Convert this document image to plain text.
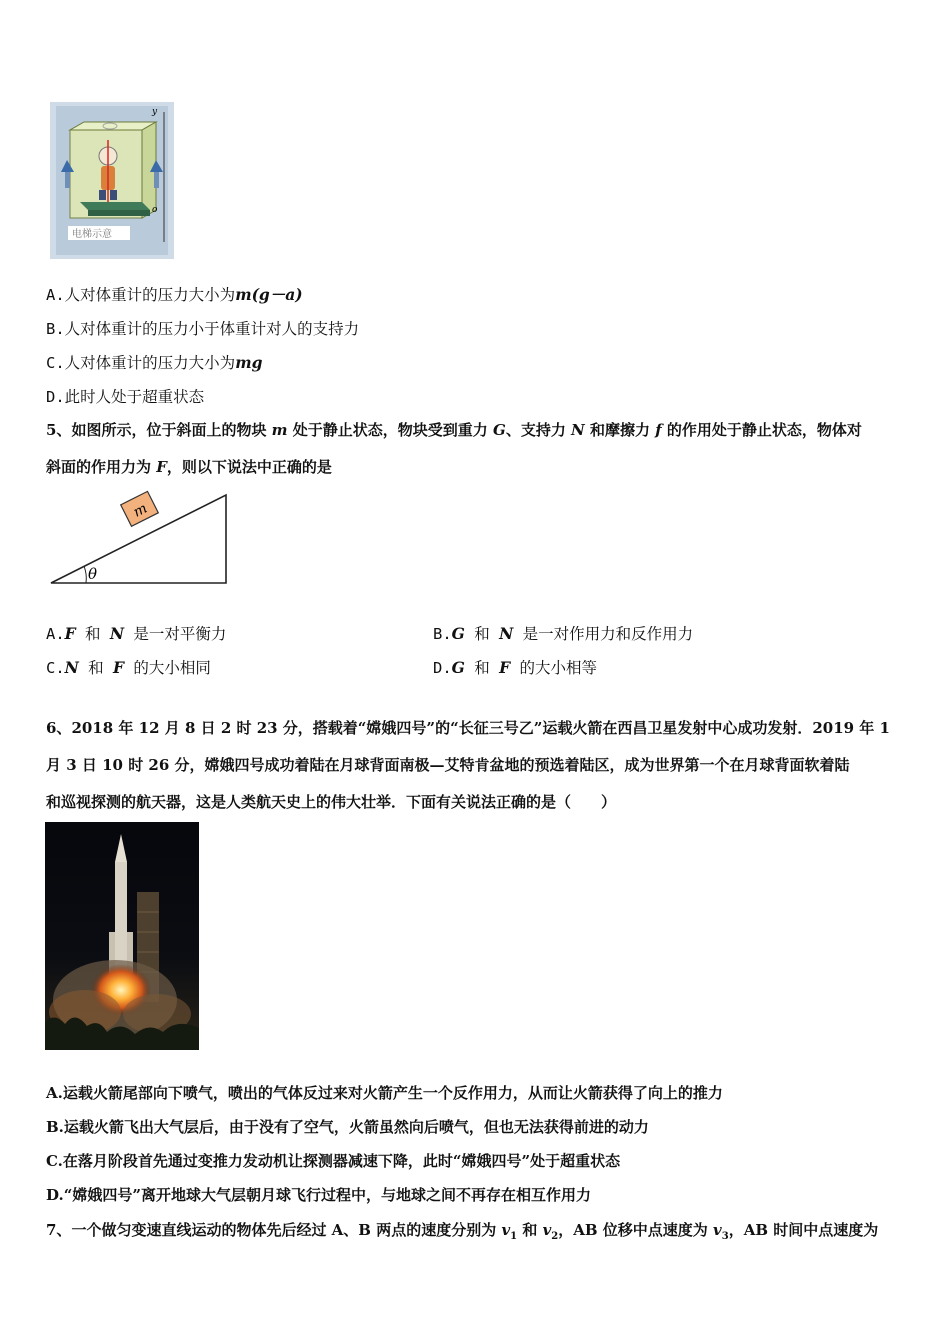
y
o
电梯示意
A.人对体重计的压力大小为m(g－a)
B.人对体重计的压力小于体重计对人的支持力
C.人对体重计的压力大小为mg
D.此时人处于超重状态
5、如图所示，位于斜面上的物块 m 处于静止状态，物块受到重力 G、支持力 N 和摩擦力 f 的作用处于静止状态，物体对
斜面的作用力为 F，则以下说法中正确的是
m
θ
A.F 和 N 是一对平衡力	B.G 和 N 是一对作用力和反作用力
C.N 和 F 的大小相同	D.G 和 F 的大小相等
6、2018 年 12 月 8 日 2 时 23 分，搭载着“嫦娥四号”的“长征三号乙”运载火箭在西昌卫星发射中心成功发射．2019 年 1
月 3 日 10 时 26 分，嫦娥四号成功着陆在月球背面南极—艾特肯盆地的预选着陆区，成为世界第一个在月球背面软着陆
和巡视探测的航天器，这是人类航天史上的伟大壮举．下面有关说法正确的是（　　）
A.运载火箭尾部向下喷气，喷出的气体反过来对火箭产生一个反作用力，从而让火箭获得了向上的推力
B.运载火箭飞出大气层后，由于没有了空气，火箭虽然向后喷气，但也无法获得前进的动力
C.在落月阶段首先通过变推力发动机让探测器减速下降，此时“嫦娥四号”处于超重状态
D.“嫦娥四号”离开地球大气层朝月球飞行过程中，与地球之间不再存在相互作用力
7、一个做匀变速直线运动的物体先后经过 A、B 两点的速度分别为 $v_1$ 和 $v_2$，AB 位移中点速度为 $v_3$，AB 时间中点速度为
